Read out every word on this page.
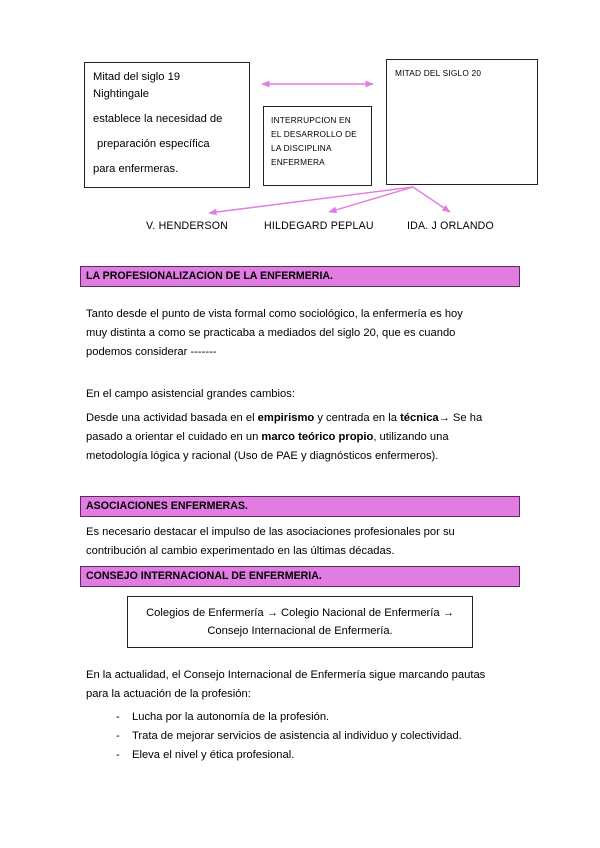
Mitad del siglo 19
Nightingale
establece la necesidad de
preparación específica
para enfermeras.
INTERRUPCION EN
EL DESARROLLO DE
LA DISCIPLINA
ENFERMERA
MITAD DEL SIGLO 20
V. HENDERSON	HILDEGARD PEPLAU	IDA. J ORLANDO
LA PROFESIONALIZACION DE LA ENFERMERIA.
Tanto desde el punto de vista formal como sociológico, la enfermería es hoy
muy distinta a como se practicaba a mediados del siglo 20, que es cuando
podemos considerar -------
En el campo asistencial grandes cambios:
Desde una actividad basada en el empirismo y centrada en la técnica→ Se ha
pasado a orientar el cuidado en un marco teórico propio, utilizando una
metodología lógica y racional (Uso de PAE y diagnósticos enfermeros).
ASOCIACIONES ENFERMERAS.
Es necesario destacar el impulso de las asociaciones profesionales por su
contribución al cambio experimentado en las últimas décadas.
CONSEJO INTERNACIONAL DE ENFERMERIA.
Colegios de Enfermería → Colegio Nacional de Enfermería →
Consejo Internacional de Enfermería.
En la actualidad, el Consejo Internacional de Enfermería sigue marcando pautas
para la actuación de la profesión:
- Lucha por la autonomía de la profesión.
- Trata de mejorar servicios de asistencia al individuo y colectividad.
- Eleva el nivel y ética profesional.
